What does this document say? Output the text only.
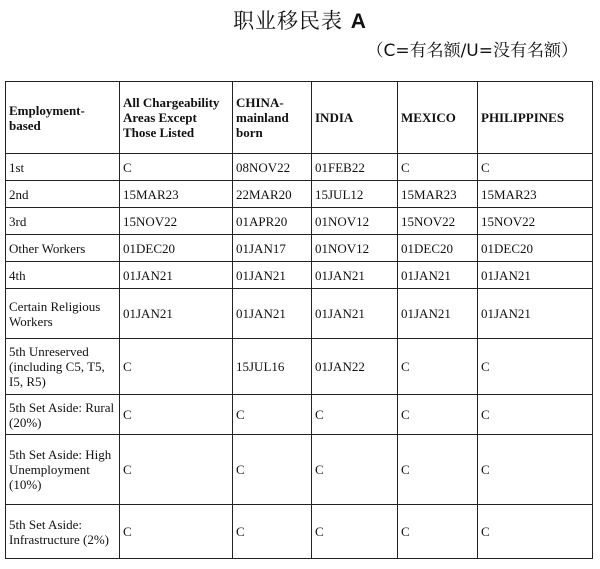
职业移民表 A
（C=有名额/U=没有名额）
Employment-based	All Chargeability Areas Except Those Listed	CHINA-mainland born	INDIA	MEXICO	PHILIPPINES
1st	C	08NOV22	01FEB22	C	C
2nd	15MAR23	22MAR20	15JUL12	15MAR23	15MAR23
3rd	15NOV22	01APR20	01NOV12	15NOV22	15NOV22
Other Workers	01DEC20	01JAN17	01NOV12	01DEC20	01DEC20
4th	01JAN21	01JAN21	01JAN21	01JAN21	01JAN21
Certain Religious Workers	01JAN21	01JAN21	01JAN21	01JAN21	01JAN21
5th Unreserved (including C5, T5, I5, R5)	C	15JUL16	01JAN22	C	C
5th Set Aside: Rural (20%)	C	C	C	C	C
5th Set Aside: High Unemployment (10%)	C	C	C	C	C
5th Set Aside: Infrastructure (2%)	C	C	C	C	C
